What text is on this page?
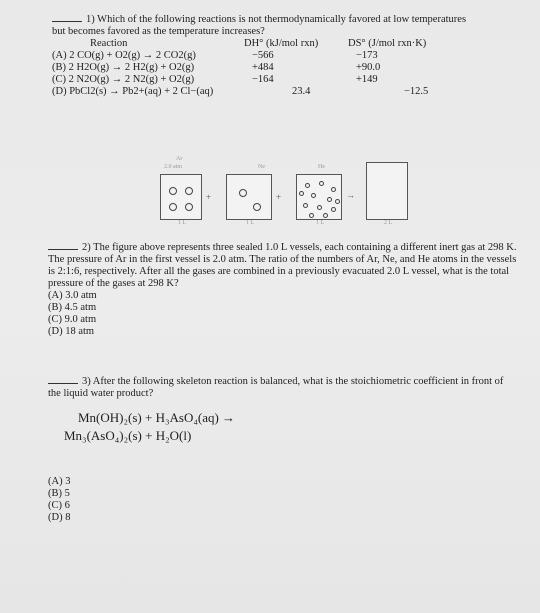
1) Which of the following reactions is not thermodynamically favored at low temperatures

but becomes favored as the temperature increases?

Reaction	DH° (kJ/mol rxn)	DS° (J/mol rxn·K)
(A) 2 CO(g) + O2(g) → 2 CO2(g)	−566	−173
(B) 2 H2O(g) → 2 H2(g) + O2(g)	+484	+90.0
(C) 2 N2O(g) → 2 N2(g) + O2(g)	−164	+149
(D) PbCl2(s) → Pb2+(aq) + 2 Cl−(aq)	23.4	−12.5
Ar
2.0 atm	Ne	He
+	+	→
1 L	1 L	1 L	2 L

2) The figure above represents three sealed 1.0 L vessels, each containing a different inert gas at 298 K. The pressure of Ar in the first vessel is 2.0 atm. The ratio of the numbers of Ar, Ne, and He atoms in the vessels is 2:1:6, respectively. After all the gases are combined in a previously evacuated 2.0 L vessel, what is the total pressure of the gases at 298 K?

(A) 3.0 atm
(B) 4.5 atm
(C) 9.0 atm
(D) 18 atm

3) After the following skeleton reaction is balanced, what is the stoichiometric coefficient in front of the liquid water product?

Mn(OH)₂(s) + H₃AsO₄(aq) →
Mn₃(AsO₄)₂(s) + H₂O(l)
(A) 3
(B) 5
(C) 6
(D) 8
